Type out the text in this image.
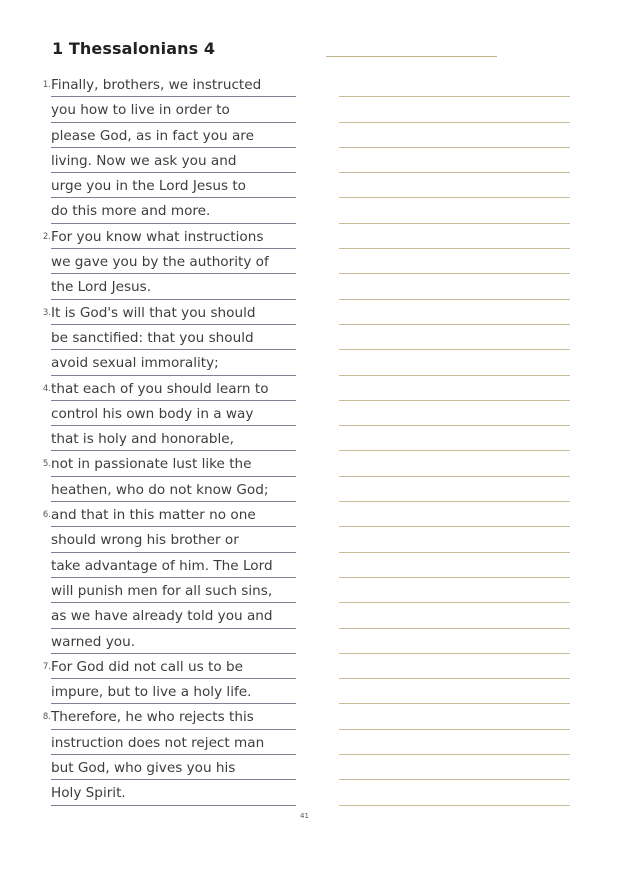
1 Thessalonians 4
1. Finally, brothers, we instructed
you how to live in order to
please God, as in fact you are
living. Now we ask you and
urge you in the Lord Jesus to
do this more and more.
2. For you know what instructions
we gave you by the authority of
the Lord Jesus.
3. It is God's will that you should
be sanctified: that you should
avoid sexual immorality;
4. that each of you should learn to
control his own body in a way
that is holy and honorable,
5. not in passionate lust like the
heathen, who do not know God;
6. and that in this matter no one
should wrong his brother or
take advantage of him. The Lord
will punish men for all such sins,
as we have already told you and
warned you.
7. For God did not call us to be
impure, but to live a holy life.
8. Therefore, he who rejects this
instruction does not reject man
but God, who gives you his
Holy Spirit.
41
